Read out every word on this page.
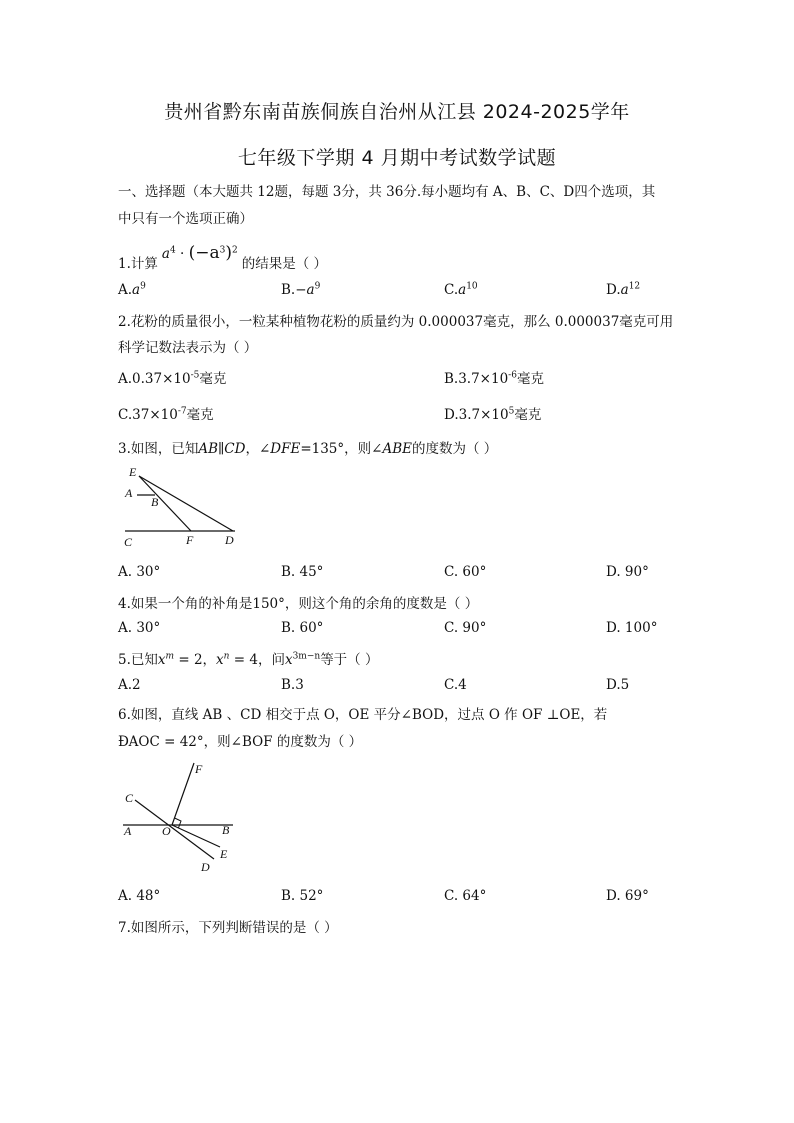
贵州省黔东南苗族侗族自治州从江县 2024-2025学年
七年级下学期 4 月期中考试数学试题
一、选择题（本大题共 12题，每题 3分，共 36分.每小题均有 A、B、C、D四个选项，其
中只有一个选项正确）
1.计算$a^4 \cdot (-a^3)^2$的结果是（ ）
$A.a^9$	$B.-a^9$	$C.a^{10}$	$D.a^{12}$
2.花粉的质量很小，一粒某种植物花粉的质量约为 0.000037毫克，那么 0.000037毫克可用
科学记数法表示为（ ）
$A.0.37\times 10^{-5}$毫克	$B.3.7\times 10^{-6}$毫克
$C.37\times 10^{-7}$毫克	$D.3.7\times 10^5$毫克
3.如图，已知AB∥CD，∠DFE=135°，则∠ABE的度数为（ ）
E
A
B
C	F	D
A. 30°	B. 45°	C. 60°	D. 90°
4.如果一个角的补角是150°，则这个角的余角的度数是（ ）
A. 30°	B. 60°	C. 90°	D. 100°
5.已知$x^m = 2$，$x^n = 4$，问$x^{3m-n}$等于（ ）
A.2	B.3	C.4	D.5
6.如图，直线 AB 、CD 相交于点 O，OE 平分∠BOD，过点 O 作 OF ⊥OE，若
ÐAOC = 42°，则∠BOF 的度数为（ ）
F
C
A	O	B
E
D
A. 48°	B. 52°	C. 64°	D. 69°
7.如图所示，下列判断错误的是（ ）
